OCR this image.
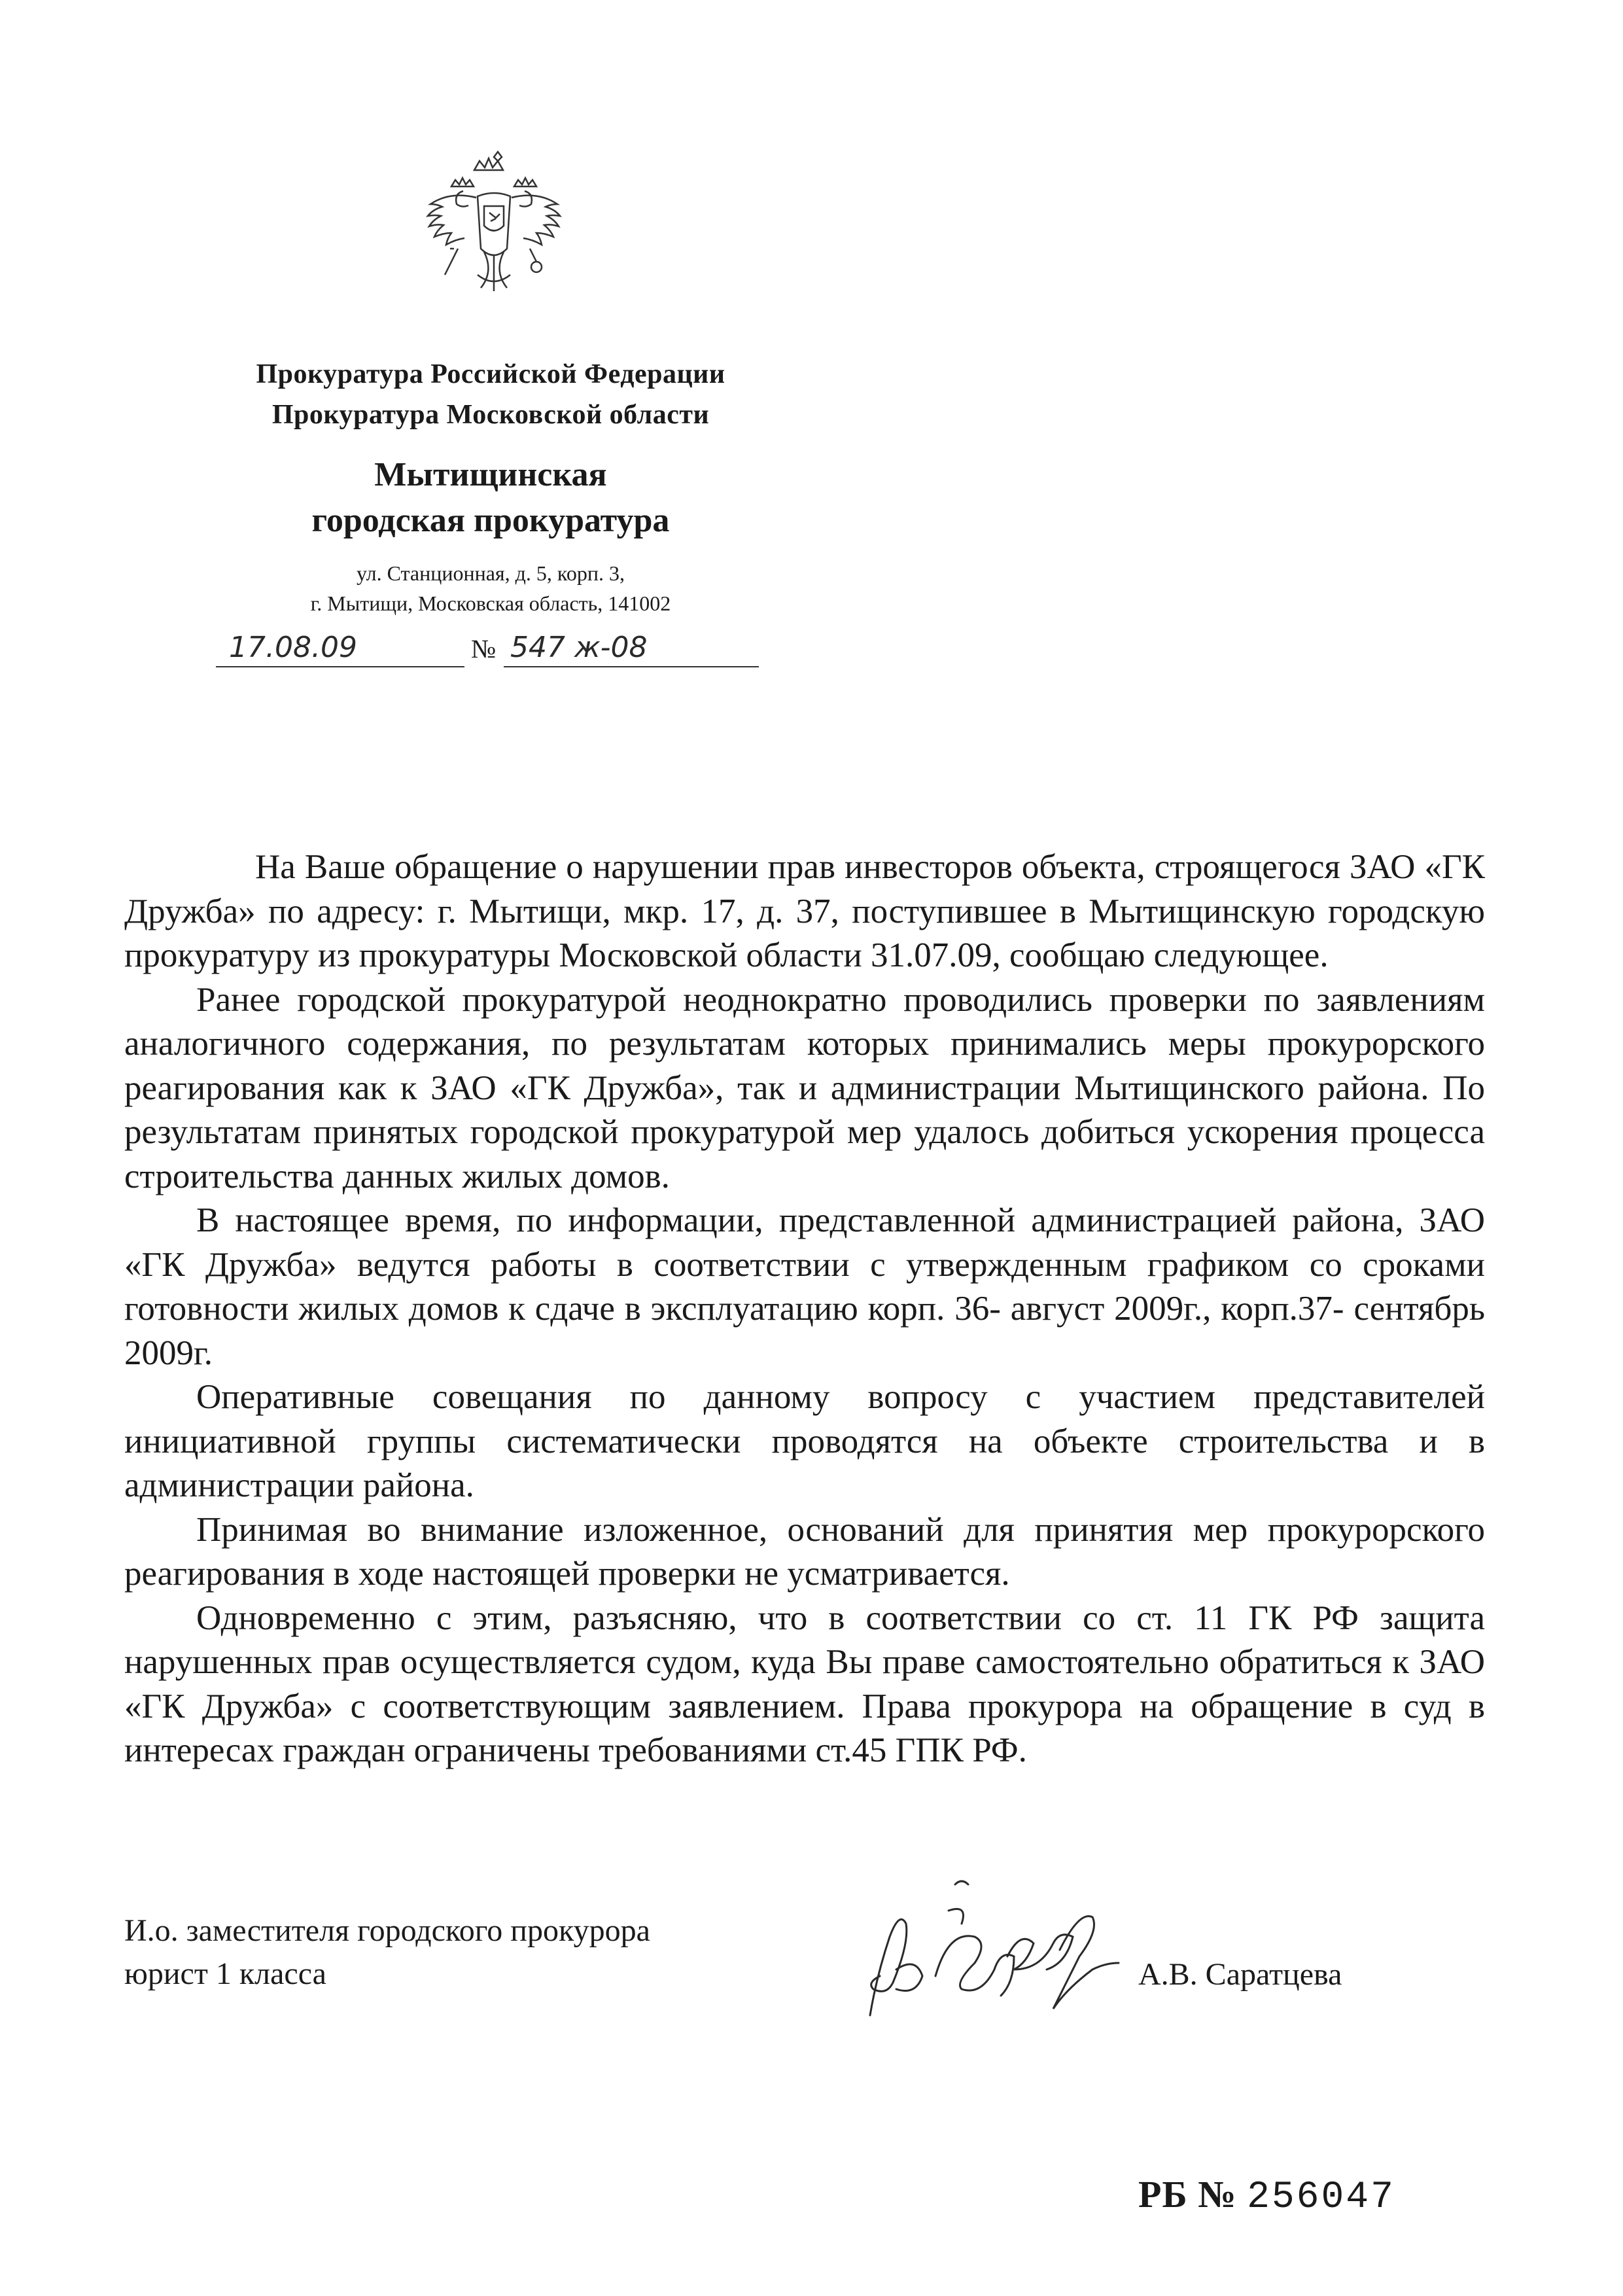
Прокуратура Российской Федерации
Прокуратура Московской области
Мытищинская
городская прокуратура
ул. Станционная, д. 5, корп. 3,
г. Мытищи, Московская область, 141002
17.08.09	№ 547 ж-08

На Ваше обращение о нарушении прав инвесторов объекта, строящегося ЗАО «ГК Дружба» по адресу: г. Мытищи, мкр. 17, д. 37, поступившее в Мытищинскую городскую прокуратуру из прокуратуры Московской области 31.07.09, сообщаю следующее.

Ранее городской прокуратурой неоднократно проводились проверки по заявлениям аналогичного содержания, по результатам которых принимались меры прокурорского реагирования как к ЗАО «ГК Дружба», так и администрации Мытищинского района. По результатам принятых городской прокуратурой мер удалось добиться ускорения процесса строительства данных жилых домов.

В настоящее время, по информации, представленной администрацией района, ЗАО «ГК Дружба» ведутся работы в соответствии с утвержденным графиком со сроками готовности жилых домов к сдаче в эксплуатацию корп. 36- август 2009г., корп.37- сентябрь 2009г.

Оперативные совещания по данному вопросу с участием представителей инициативной группы систематически проводятся на объекте строительства и в администрации района.

Принимая во внимание изложенное, оснований для принятия мер прокурорского реагирования в ходе настоящей проверки не усматривается.

Одновременно с этим, разъясняю, что в соответствии со ст. 11 ГК РФ защита нарушенных прав осуществляется судом, куда Вы праве самостоятельно обратиться к ЗАО «ГК Дружба» с соответствующим заявлением. Права прокурора на обращение в суд в интересах граждан ограничены требованиями ст.45 ГПК РФ.

И.о. заместителя городского прокурора
юрист 1 класса	А.В. Саратцева
РБ № 256047
